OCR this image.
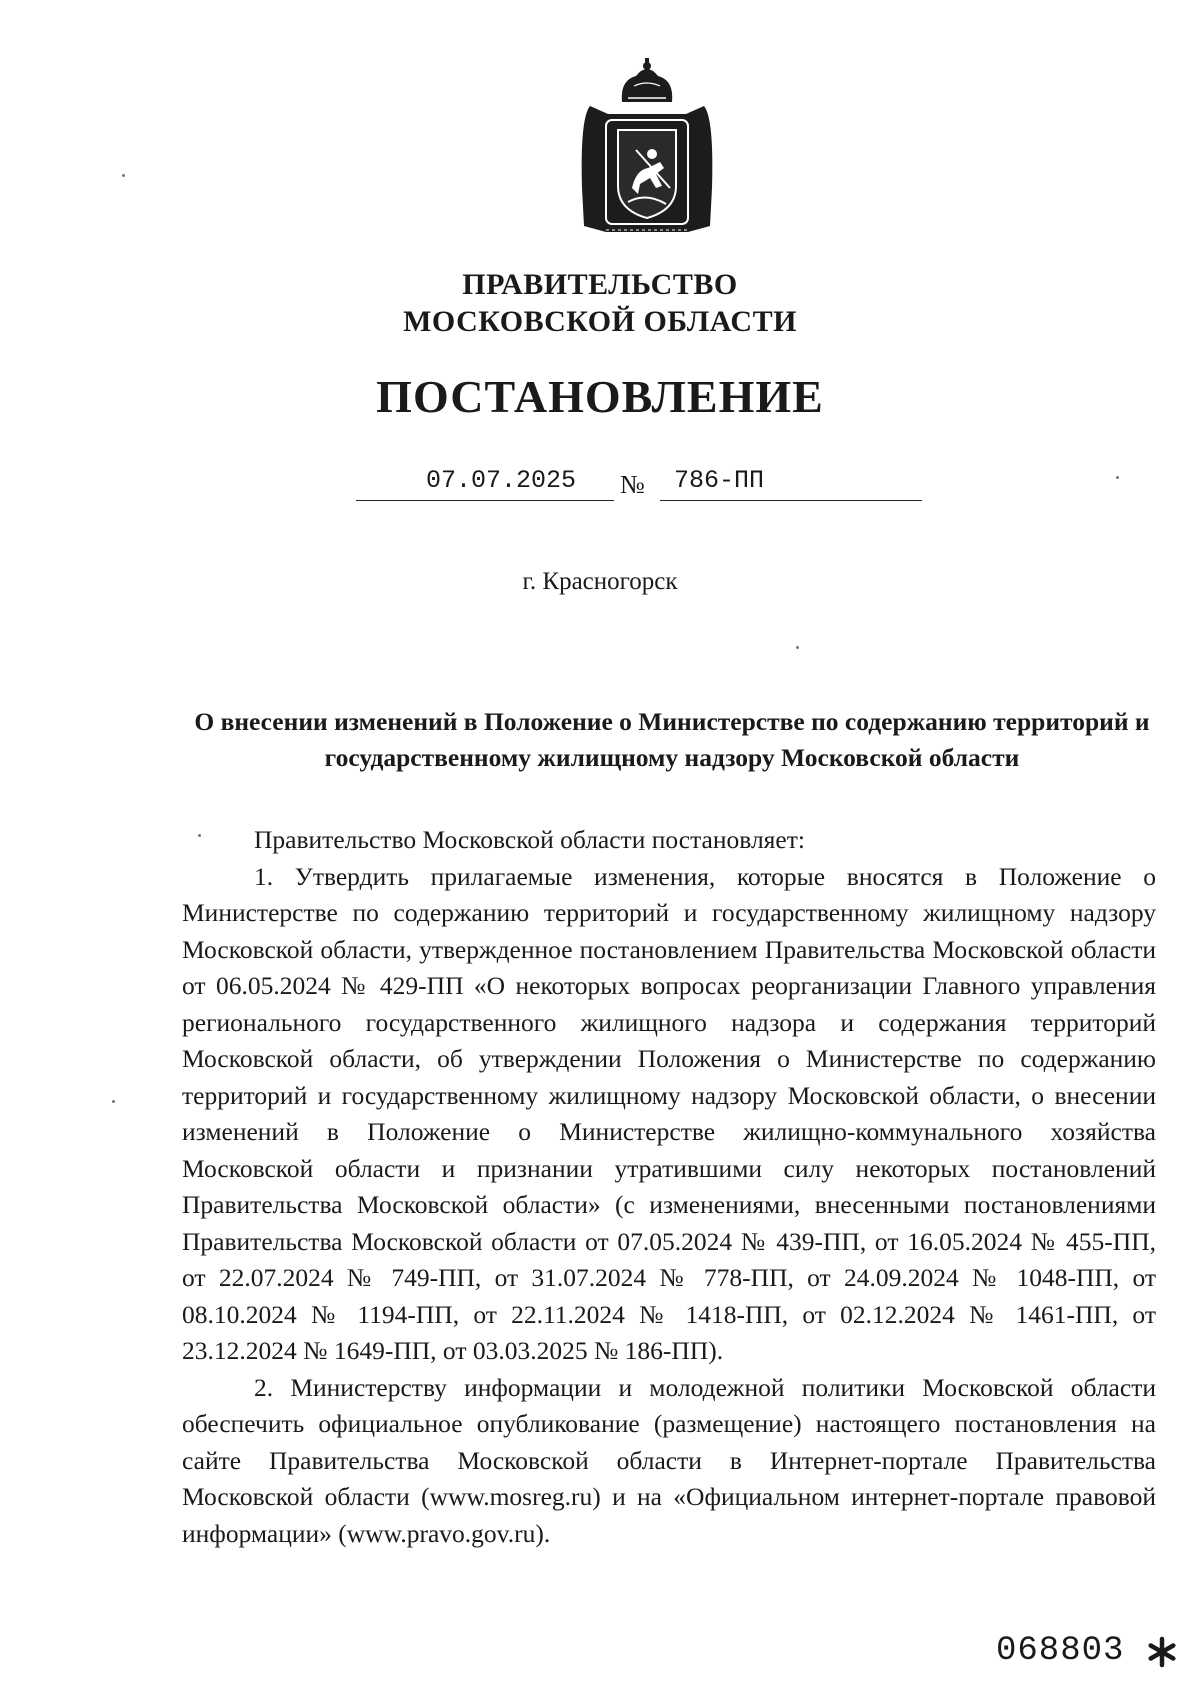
ПРАВИТЕЛЬСТВО
МОСКОВСКОЙ ОБЛАСТИ
ПОСТАНОВЛЕНИЕ
07.07.2025 № 786-ПП
г. Красногорск
О внесении изменений в Положение о Министерстве по содержанию территорий и государственному жилищному надзору Московской области

Правительство Московской области постановляет:

1. Утвердить прилагаемые изменения, которые вносятся в Положение о Министерстве по содержанию территорий и государственному жилищному надзору Московской области, утвержденное постановлением Правительства Московской области от 06.05.2024 № 429-ПП «О некоторых вопросах реорганизации Главного управления регионального государственного жилищного надзора и содержания территорий Московской области, об утверждении Положения о Министерстве по содержанию территорий и государственному жилищному надзору Московской области, о внесении изменений в Положение о Министерстве жилищно-коммунального хозяйства Московской области и признании утратившими силу некоторых постановлений Правительства Московской области» (с изменениями, внесенными постановлениями Правительства Московской области от 07.05.2024 № 439-ПП, от 16.05.2024 № 455-ПП, от 22.07.2024 № 749-ПП, от 31.07.2024 № 778-ПП, от 24.09.2024 № 1048-ПП, от 08.10.2024 № 1194-ПП, от 22.11.2024 № 1418-ПП, от 02.12.2024 № 1461-ПП, от 23.12.2024 № 1649-ПП, от 03.03.2025 № 186-ПП).

2. Министерству информации и молодежной политики Московской области обеспечить официальное опубликование (размещение) настоящего постановления на сайте Правительства Московской области в Интернет-портале Правительства Московской области (www.mosreg.ru) и на «Официальном интернет-портале правовой информации» (www.pravo.gov.ru).

068803
